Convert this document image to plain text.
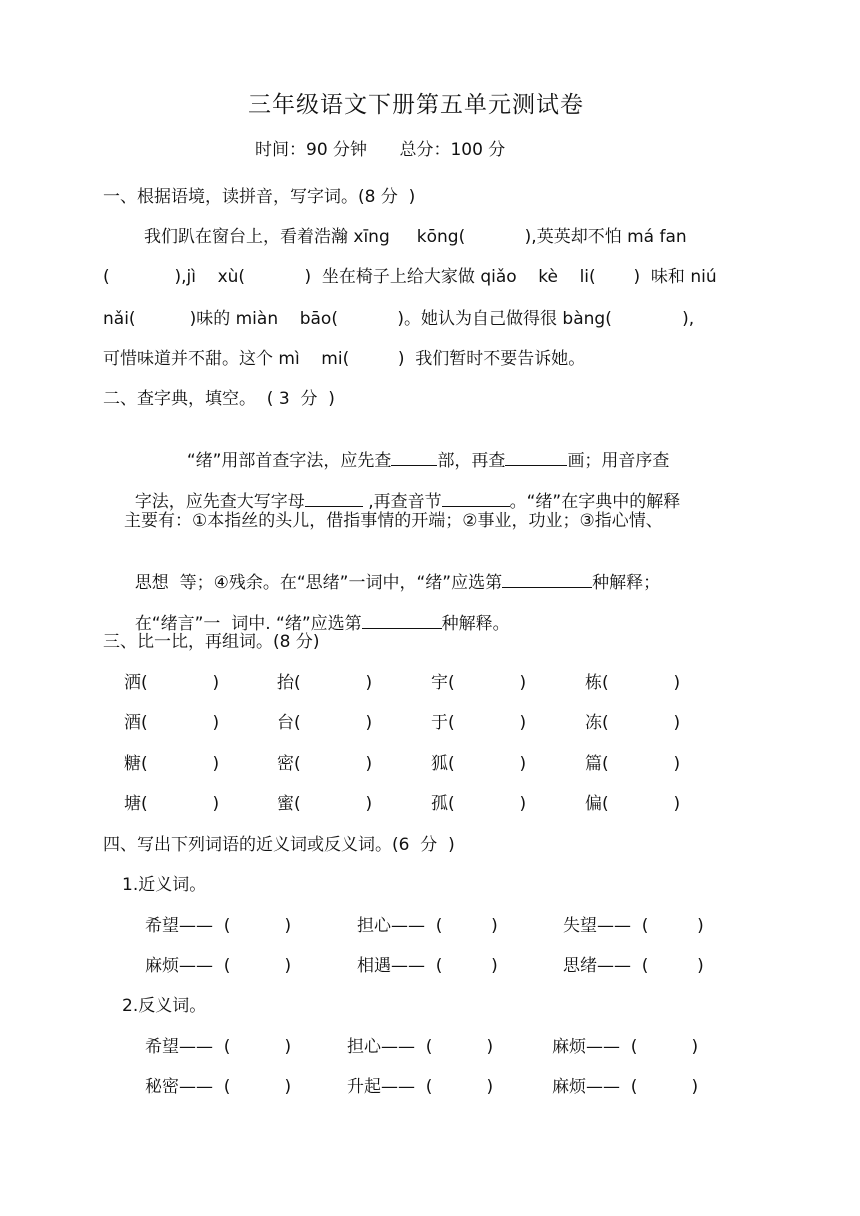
三年级语文下册第五单元测试卷
时间：90 分钟      总分：100 分
一、根据语境，读拼音，写字词。(8 分  )
我们趴在窗台上，看着浩瀚 xīng     kōng(           ),英英却不怕 má fan
(            ),jì    xù(           )  坐在椅子上给大家做 qiǎo    kè    li(       )  味和 niú
nǎi(          )味的 miàn    bāo(           )。她认为自己做得很 bàng(             ),
可惜味道并不甜。这个 mì    mi(         )  我们暂时不要告诉她。
二、查字典，填空。  ( 3  分  )

“绪”用部首查字法，应先查	部，再查	画；用音序查

字法，应先查大写字母	,再查音节	。“绪”在字典中的解释

主要有：①本指丝的头儿，借指事情的开端；②事业，功业；③指心情、

思想  等；④残余。在“思绪”一词中，“绪”应选第	种解释；

在“绪言”一  词中. “绪”应选第	种解释。

三、比一比，再组词。(8 分)
洒(            )	抬(            )	宇(            )	栋(            )
酒(            )	台(            )	于(            )	冻(            )
糖(            )	密(            )	狐(            )	篇(            )
塘(            )	蜜(            )	孤(            )	偏(            )
四、写出下列词语的近义词或反义词。(6  分  )
1.近义词。
希望——  (          )	担心——  (         )	失望——  (         )
麻烦——  (          )	相遇——  (         )	思绪——  (         )
2.反义词。
希望——  (          )	担心——  (          )	麻烦——  (          )
秘密——  (          )	升起——  (          )	麻烦——  (          )
